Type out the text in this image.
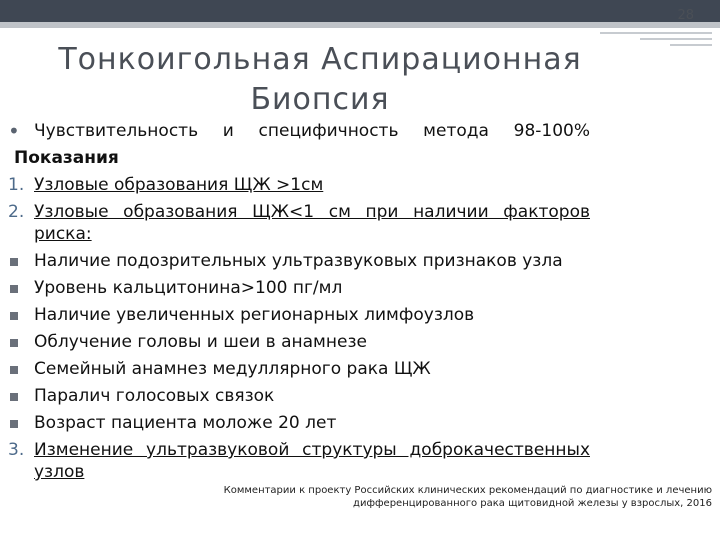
28
Тонкоигольная Аспирационная Биопсия
• Чувствительность и специфичность метода 98-100%
Показания
1. Узловые образования ЩЖ >1см
2. Узловые образования ЩЖ<1 см при наличии факторов риска:
Наличие подозрительных ультразвуковых признаков узла
Уровень кальцитонина>100 пг/мл
Наличие увеличенных регионарных лимфоузлов
Облучение головы и шеи в анамнезе
Семейный анамнез медуллярного рака ЩЖ
Паралич голосовых связок
Возраст пациента моложе 20 лет
3. Изменение ультразвуковой структуры доброкачественных узлов
Комментарии к проекту Российских клинических рекомендаций по диагностике и лечению дифференцированного рака щитовидной железы у взрослых, 2016
